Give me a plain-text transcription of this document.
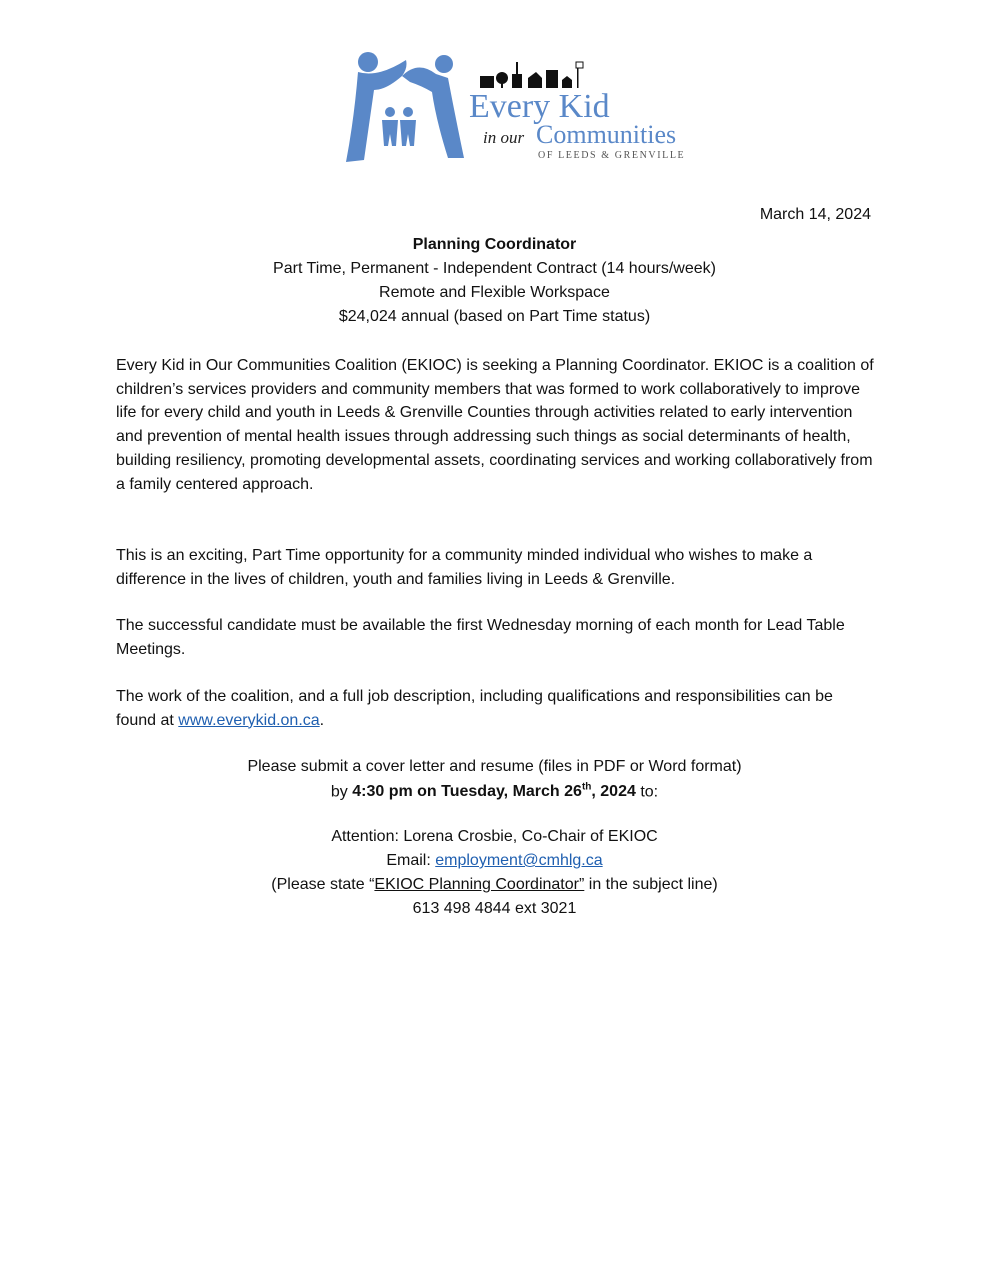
Every Kid
in our Communities
OF LEEDS & GRENVILLE
March 14, 2024
Planning Coordinator
Part Time, Permanent - Independent Contract (14 hours/week)
Remote and Flexible Workspace
$24,024 annual (based on Part Time status)
Every Kid in Our Communities Coalition (EKIOC) is seeking a Planning Coordinator. EKIOC is a coalition of children’s services providers and community members that was formed to work collaboratively to improve life for every child and youth in Leeds & Grenville Counties through activities related to early intervention and prevention of mental health issues through addressing such things as social determinants of health, building resiliency, promoting developmental assets, coordinating services and working collaboratively from a family centered approach.
This is an exciting, Part Time opportunity for a community minded individual who wishes to make a difference in the lives of children, youth and families living in Leeds & Grenville.
The successful candidate must be available the first Wednesday morning of each month for Lead Table Meetings.
The work of the coalition, and a full job description, including qualifications and responsibilities can be found at www.everykid.on.ca.
Please submit a cover letter and resume (files in PDF or Word format)
by 4:30 pm on Tuesday, March 26th, 2024 to:
Attention: Lorena Crosbie, Co-Chair of EKIOC
Email: employment@cmhlg.ca
(Please state “EKIOC Planning Coordinator” in the subject line)
613 498 4844 ext 3021
